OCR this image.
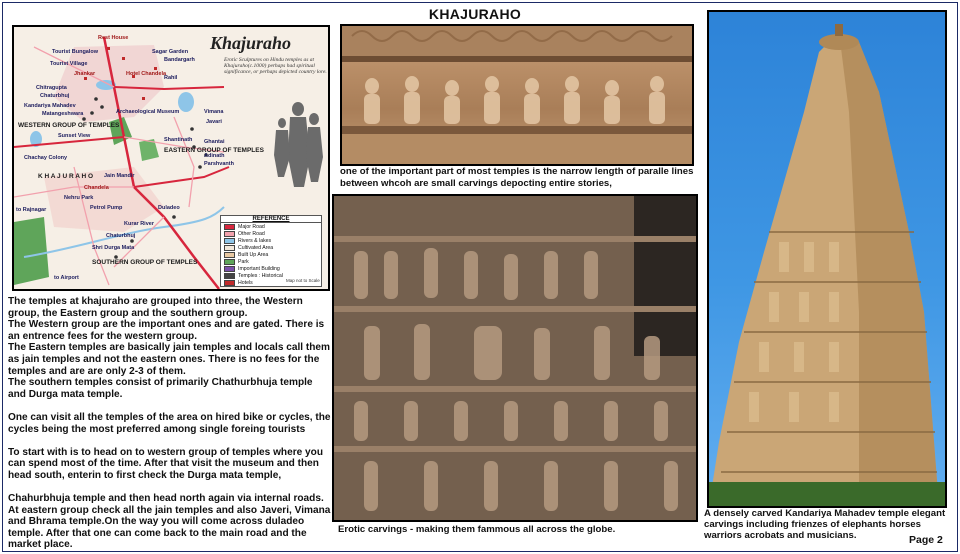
KHAJURAHO
Khajuraho
Erotic Sculptures on Hindu temples as at Khajuraho(c.1000) perhaps had spiritual significance, or perhaps depicted country lore.
Rest House
Tourist Bungalow	Sagar Garden
Bandargarh
Tourist Village
Hotel Chandela
Jhankar
Rahil
Chitragupta
Chaturbhuj
Kandariya Mahadev
Matangeshwara
WESTERN GROUP OF TEMPLES
Archaeological Museum	Vimana
Javari
Sunset View
Shantinath
EASTERN GROUP OF TEMPLES
Ghantai
Parshvanth
Adinath
Chachay Colony
K H A J U R A H O Jain Mandir
Chandela
Nehru Park
Petrol Pump	Duladeo
Kurar River
Chaturbhuj
Shri Durga Mata
SOUTHERN GROUP OF TEMPLES
to Rajnagar
to Airport
REFERENCE
Major Road
Other Road
Rivers & lakes
Cultivated Area
Built Up Area
Park
Important Building
Temples : Historical
Hotels	Map not to Scale

The temples at khajuraho are grouped into three, the Western group, the Eastern group and the southern group.
The Western group are the important ones and are gated. There is an entrence fees for the western group.
The Eastern temples are basically jain temples and locals call them as jain temples and not the eastern ones. There is no fees for the temples and are are only 2-3 of them.
The southern temples consist of primarily Chathurbhuja temple and Durga mata temple.

One can visit all the temples of the area on hired bike or cycles, the cycles being the most preferred among single foreing tourists

To start with is to head on to western group of temples where you can spend most of the time. After that visit the museum and then head south, enterin to first check the Durga mata temple,

Chahurbhuja temple and then head north again via internal roads. At eastern group check all the jain temples and also Javeri, Vimana and Bhrama temple.On the way you will come across duladeo temple. After that one can come back to the main road and the market place.

one of the important part of most temples is the narrow length of paralle lines between whcoh are small carvings depocting entire stories,
Erotic carvings - making them fammous all across the globe.
A densely carved Kandariya Mahadev temple elegant carvings including frienzes of elephants horses warriors acrobats and musicians.	Page 2
